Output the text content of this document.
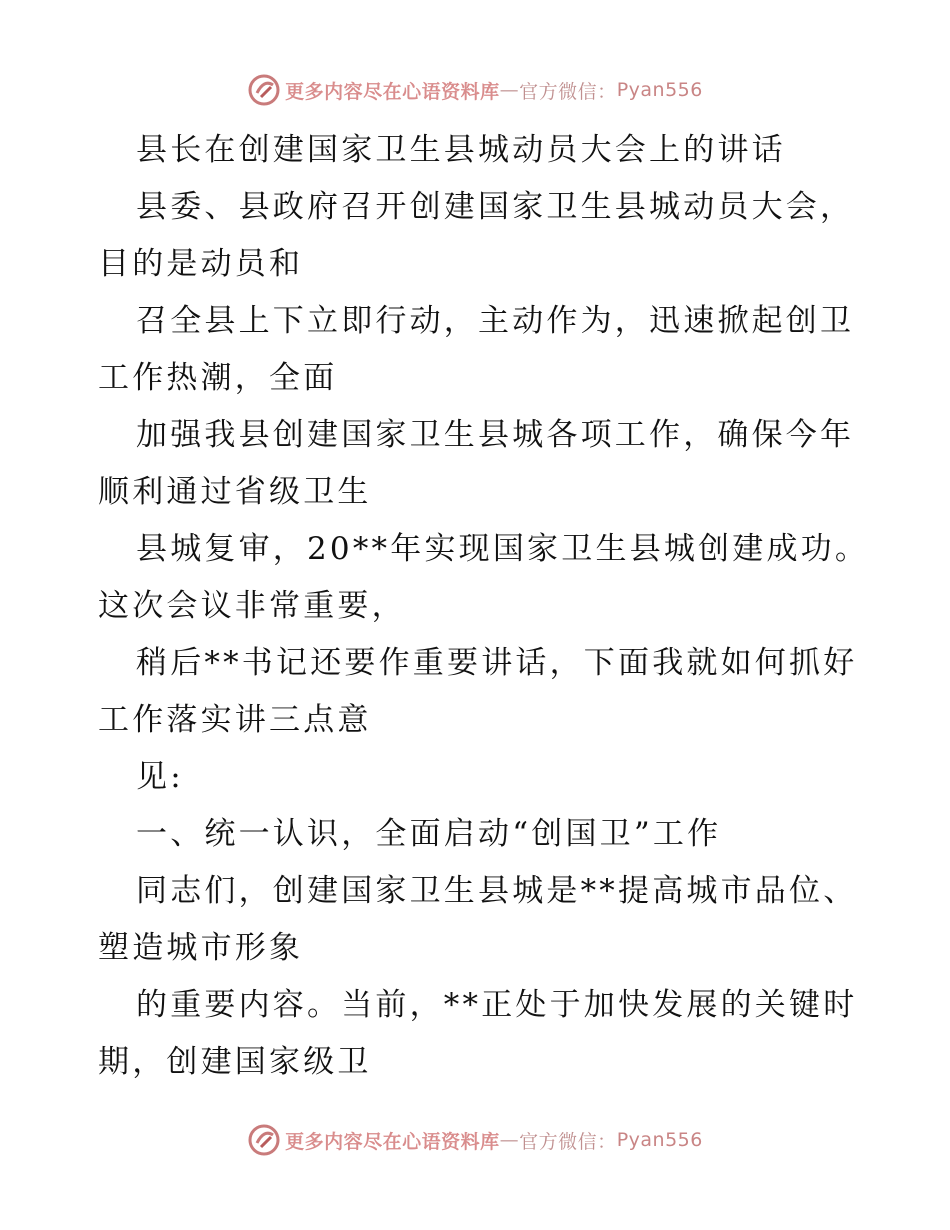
更多内容尽在心语资料库 — 官方微信： Pyan556
县长在创建国家卫生县城动员大会上的讲话
县委、县政府召开创建国家卫生县城动员大会，
目的是动员和
召全县上下立即行动，主动作为，迅速掀起创卫
工作热潮，全面
加强我县创建国家卫生县城各项工作，确保今年
顺利通过省级卫生
县城复审，20**年实现国家卫生县城创建成功。
这次会议非常重要，
稍后**书记还要作重要讲话，下面我就如何抓好
工作落实讲三点意
见:
一、统一认识，全面启动“创国卫”工作
同志们，创建国家卫生县城是**提高城市品位、
塑造城市形象
的重要内容。当前，**正处于加快发展的关键时
期，创建国家级卫
更多内容尽在心语资料库 — 官方微信： Pyan556
